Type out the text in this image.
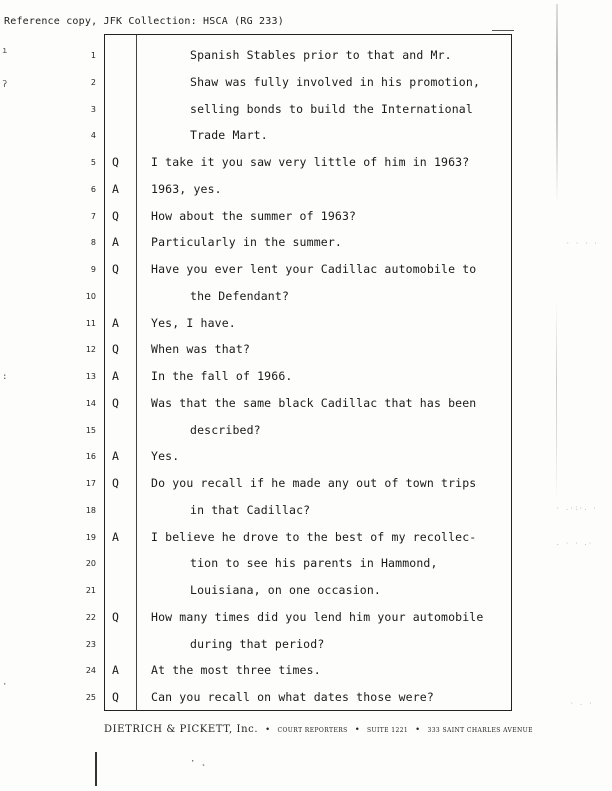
Reference copy, JFK Collection: HSCA (RG 233)
1	Spanish Stables prior to that and Mr.
2	Shaw was fully involved in his promotion,
3	selling bonds to build the International
4	Trade Mart.
5 Q	I take it you saw very little of him in 1963?
6 A	1963, yes.
7 Q	How about the summer of 1963?
8 A	Particularly in the summer.
9 Q	Have you ever lent your Cadillac automobile to
10	the Defendant?
11 A	Yes, I have.
12 Q	When was that?
13 A	In the fall of 1966.
14 Q	Was that the same black Cadillac that has been
15	described?
16 A	Yes.
17 Q	Do you recall if he made any out of town trips
18	in that Cadillac?
19 A	I believe he drove to the best of my recollec-
20	tion to see his parents in Hammond,
21	Louisiana, on one occasion.
22 Q	How many times did you lend him your automobile
23	during that period?
24 A	At the most three times.
25 Q	Can you recall on what dates those were?
DIETRICH & PICKETT, Inc. • COURT REPORTERS • SUITE 1221 • 333 SAINT CHARLES AVENUE
ı
ʔ
:
·
· · · ·
· .·:·. ·
. · · .·
· . ·
· ˛
